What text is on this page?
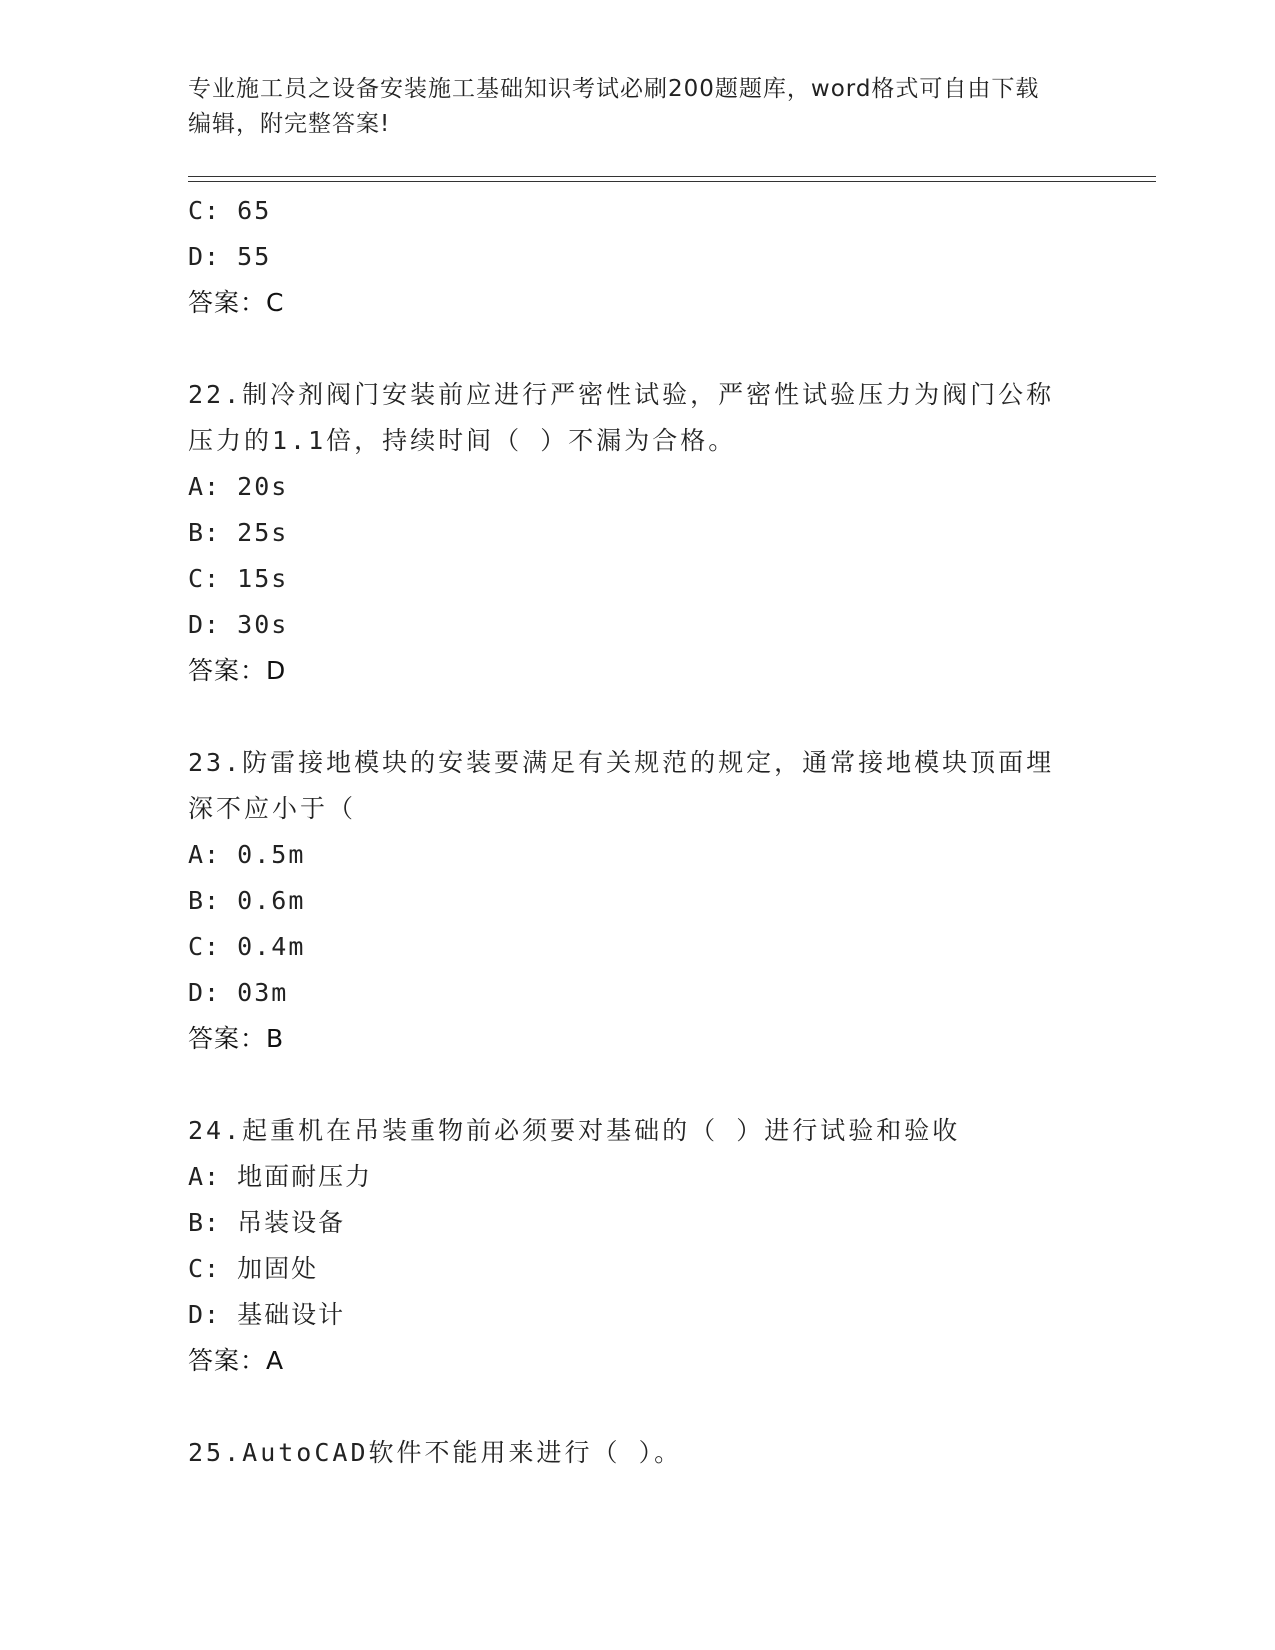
专业施工员之设备安装施工基础知识考试必刷200题题库，word格式可自由下载
编辑，附完整答案!
C: 65
D: 55
答案：C
22.制冷剂阀门安装前应进行严密性试验，严密性试验压力为阀门公称
压力的1.1倍，持续时间（ ）不漏为合格。
A: 20s
B: 25s
C: 15s
D: 30s
答案：D
23.防雷接地模块的安装要满足有关规范的规定，通常接地模块顶面埋
深不应小于（
A: 0.5m
B: 0.6m
C: 0.4m
D: 03m
答案：B
24.起重机在吊装重物前必须要对基础的（ ）进行试验和验收
A: 地面耐压力
B: 吊装设备
C: 加固处
D: 基础设计
答案：A
25.AutoCAD软件不能用来进行（ ）。
